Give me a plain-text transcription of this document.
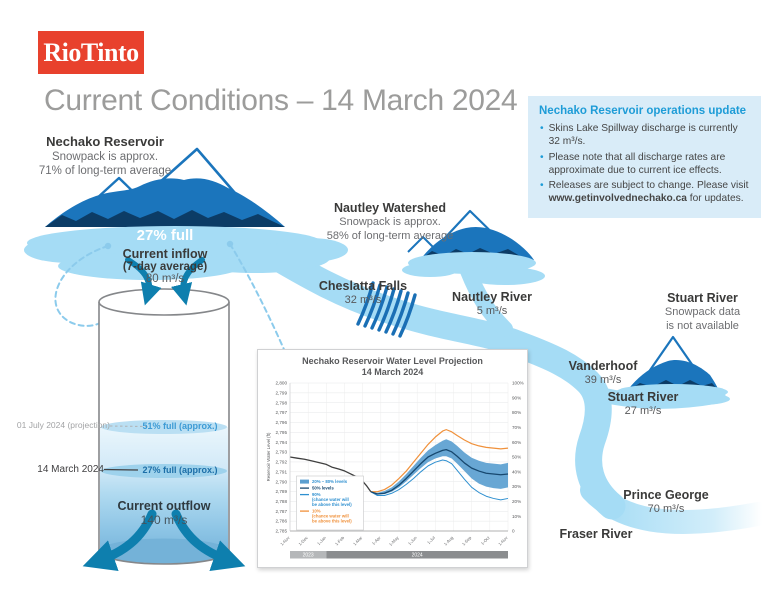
RioTinto
Current Conditions – 14 March 2024 Nechako Reservoir operations update
• Skins Lake Spillway discharge is currently 32 m³/s.
• Please note that all discharge rates are approximate due to current ice effects.
• Releases are subject to change. Please visit www.getinvolvednechako.ca for updates.
Nechako Reservoir
Snowpack is approx.
71% of long-term average
Nautley Watershed
Snowpack is approx.
58% of long-term average
Stuart River
Snowpack data
is not available
27% full
Current inflow
(7-day average)
80 m³/s	Cheslatta Falls
32 m³/s	Nautley River
5 m³/s
Vanderhoof
39 m³/s
Stuart River
27 m³/s
Prince George
70 m³/s
Fraser River
01 July 2024 (projection)	51% full (approx.)
14 March 2024	27% full (approx.)
Current outflow
140 m³/s
Nechako Reservoir Water Level Projection
14 March 2024
2,800
2,799
2,798
2,797
2,796
2,795
2,794
2,793
2,792
2,791
2,790
2,789
2,788
2,787
2,786
2,785
100%
90%
80%
70%
60%
50%
40%
30%
20%
10%
0
1-Nov 1-Dec 1-Jan 1-Feb 1-Mar 1-Apr 1-May 1-Jun 1-Jul 1-Aug 1-Sep 1-Oct 1-Nov
Reservoir Water Level (ft)
2023	2024
20% – 80% levels
50% levels
90%
(chance water will
be above this level)
10%
(chance water will
be above this level)
